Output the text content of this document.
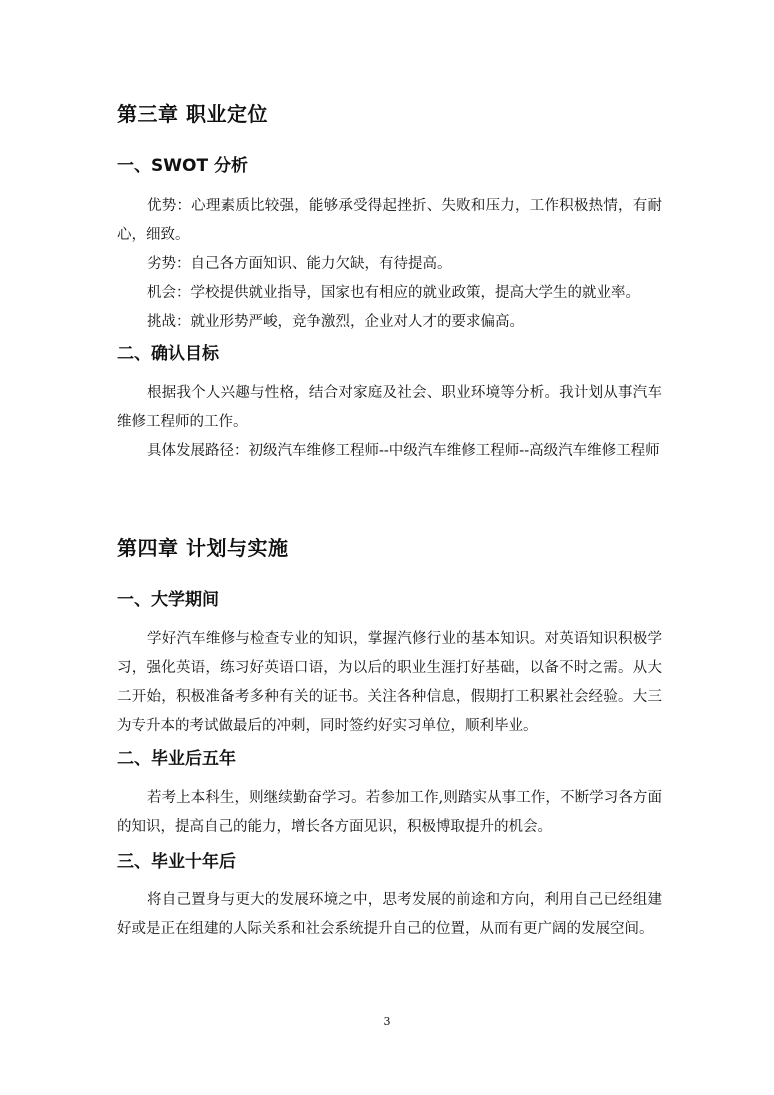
第三章 职业定位
一、SWOT 分析

优势：心理素质比较强，能够承受得起挫折、失败和压力，工作积极热情，有耐心，细致。

劣势：自己各方面知识、能力欠缺，有待提高。

机会：学校提供就业指导，国家也有相应的就业政策，提高大学生的就业率。

挑战：就业形势严峻，竞争激烈，企业对人才的要求偏高。

二、确认目标

根据我个人兴趣与性格，结合对家庭及社会、职业环境等分析。我计划从事汽车维修工程师的工作。

具体发展路径：初级汽车维修工程师--中级汽车维修工程师--高级汽车维修工程师

第四章 计划与实施
一、大学期间

学好汽车维修与检查专业的知识，掌握汽修行业的基本知识。对英语知识积极学习，强化英语，练习好英语口语，为以后的职业生涯打好基础，以备不时之需。从大二开始，积极准备考多种有关的证书。关注各种信息，假期打工积累社会经验。大三为专升本的考试做最后的冲刺，同时签约好实习单位，顺利毕业。

二、毕业后五年

若考上本科生，则继续勤奋学习。若参加工作,则踏实从事工作，不断学习各方面的知识，提高自己的能力，增长各方面见识，积极博取提升的机会。

三、毕业十年后

将自己置身与更大的发展环境之中，思考发展的前途和方向，利用自己已经组建好或是正在组建的人际关系和社会系统提升自己的位置，从而有更广阔的发展空间。

3
